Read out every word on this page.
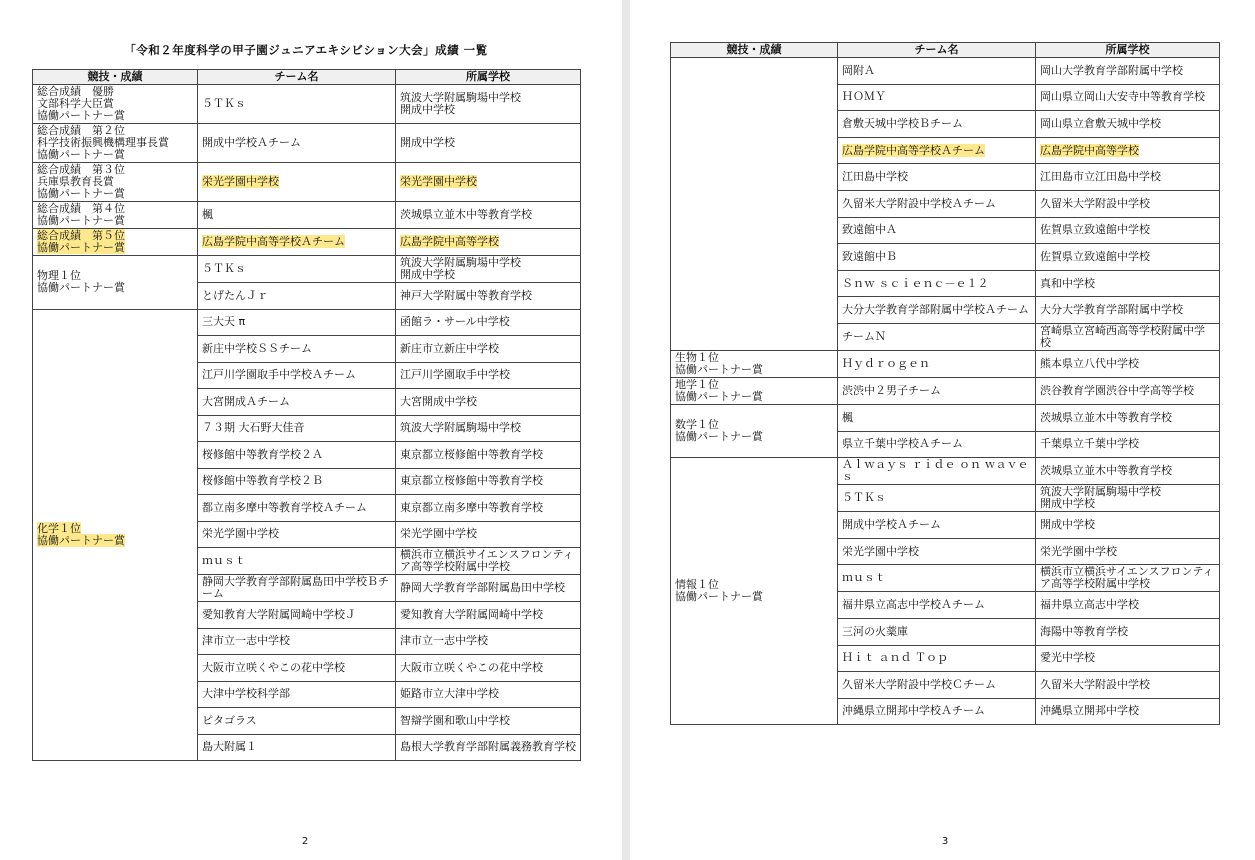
「令和２年度科学の甲子園ジュニアエキシビション大会」成績 一覧
競技・成績	チーム名	所属学校
総合成績　優勝
文部科学大臣賞
協働パートナー賞	５ＴＫｓ	筑波大学附属駒場中学校
開成中学校
総合成績　第２位
科学技術振興機構理事長賞
協働パートナー賞	開成中学校Ａチーム	開成中学校
総合成績　第３位
兵庫県教育長賞
協働パートナー賞	栄光学園中学校	栄光学園中学校
総合成績　第４位
協働パートナー賞	楓	茨城県立並木中等教育学校
総合成績　第５位
協働パートナー賞	広島学院中高等学校Ａチーム	広島学院中高等学校
物理１位
協働パートナー賞	５ＴＫｓ	筑波大学附属駒場中学校
開成中学校
	とげたんＪｒ	神戸大学附属中等教育学校
化学１位
協働パートナー賞	三大天 π	函館ラ・サール中学校
	新庄中学校ＳＳチーム	新庄市立新庄中学校
	江戸川学園取手中学校Ａチーム	江戸川学園取手中学校
	大宮開成Ａチーム	大宮開成中学校
	７３期 大石野大佳音	筑波大学附属駒場中学校
	桜修館中等教育学校２Ａ	東京都立桜修館中等教育学校
	桜修館中等教育学校２Ｂ	東京都立桜修館中等教育学校
	都立南多摩中等教育学校Ａチーム	東京都立南多摩中等教育学校
	栄光学園中学校	栄光学園中学校
	ｍｕｓｔ	横浜市立横浜サイエンスフロンティア高等学校附属中学校
	静岡大学教育学部附属島田中学校Ｂチーム	静岡大学教育学部附属島田中学校
	愛知教育大学附属岡崎中学校Ｊ	愛知教育大学附属岡崎中学校
	津市立一志中学校	津市立一志中学校
	大阪市立咲くやこの花中学校	大阪市立咲くやこの花中学校
	大津中学校科学部	姫路市立大津中学校
	ピタゴラス	智辯学園和歌山中学校
	島大附属１	島根大学教育学部附属義務教育学校
2
競技・成績	チーム名	所属学校
	岡附Ａ	岡山大学教育学部附属中学校
	ＨＯＭＹ	岡山県立岡山大安寺中等教育学校
	倉敷天城中学校Ｂチーム	岡山県立倉敷天城中学校
	広島学院中高等学校Ａチーム	広島学院中高等学校
	江田島中学校	江田島市立江田島中学校
	久留米大学附設中学校Ａチーム	久留米大学附設中学校
	致遠館中Ａ	佐賀県立致遠館中学校
	致遠館中Ｂ	佐賀県立致遠館中学校
	Ｓｎｗ ｓｃｉｅｎｃ－ｅ１２	真和中学校
	大分大学教育学部附属中学校Ａチーム	大分大学教育学部附属中学校
	チームＮ	宮崎県立宮崎西高等学校附属中学校
生物１位
協働パートナー賞	Ｈｙｄｒｏｇｅｎ	熊本県立八代中学校
地学１位
協働パートナー賞	渋渋中２男子チーム	渋谷教育学園渋谷中学高等学校
数学１位
協働パートナー賞	楓	茨城県立並木中等教育学校
	県立千葉中学校Ａチーム	千葉県立千葉中学校
情報１位
協働パートナー賞	Ａｌｗａｙｓ ｒｉｄｅ ｏｎ ｗａｖｅｓ	茨城県立並木中等教育学校
	５ＴＫｓ	筑波大学附属駒場中学校
開成中学校
	開成中学校Ａチーム	開成中学校
	栄光学園中学校	栄光学園中学校
	ｍｕｓｔ	横浜市立横浜サイエンスフロンティア高等学校附属中学校
	福井県立高志中学校Ａチーム	福井県立高志中学校
	三河の火薬庫	海陽中等教育学校
	Ｈｉｔ ａｎｄ Ｔｏｐ	愛光中学校
	久留米大学附設中学校Ｃチーム	久留米大学附設中学校
	沖縄県立開邦中学校Ａチーム	沖縄県立開邦中学校
3
